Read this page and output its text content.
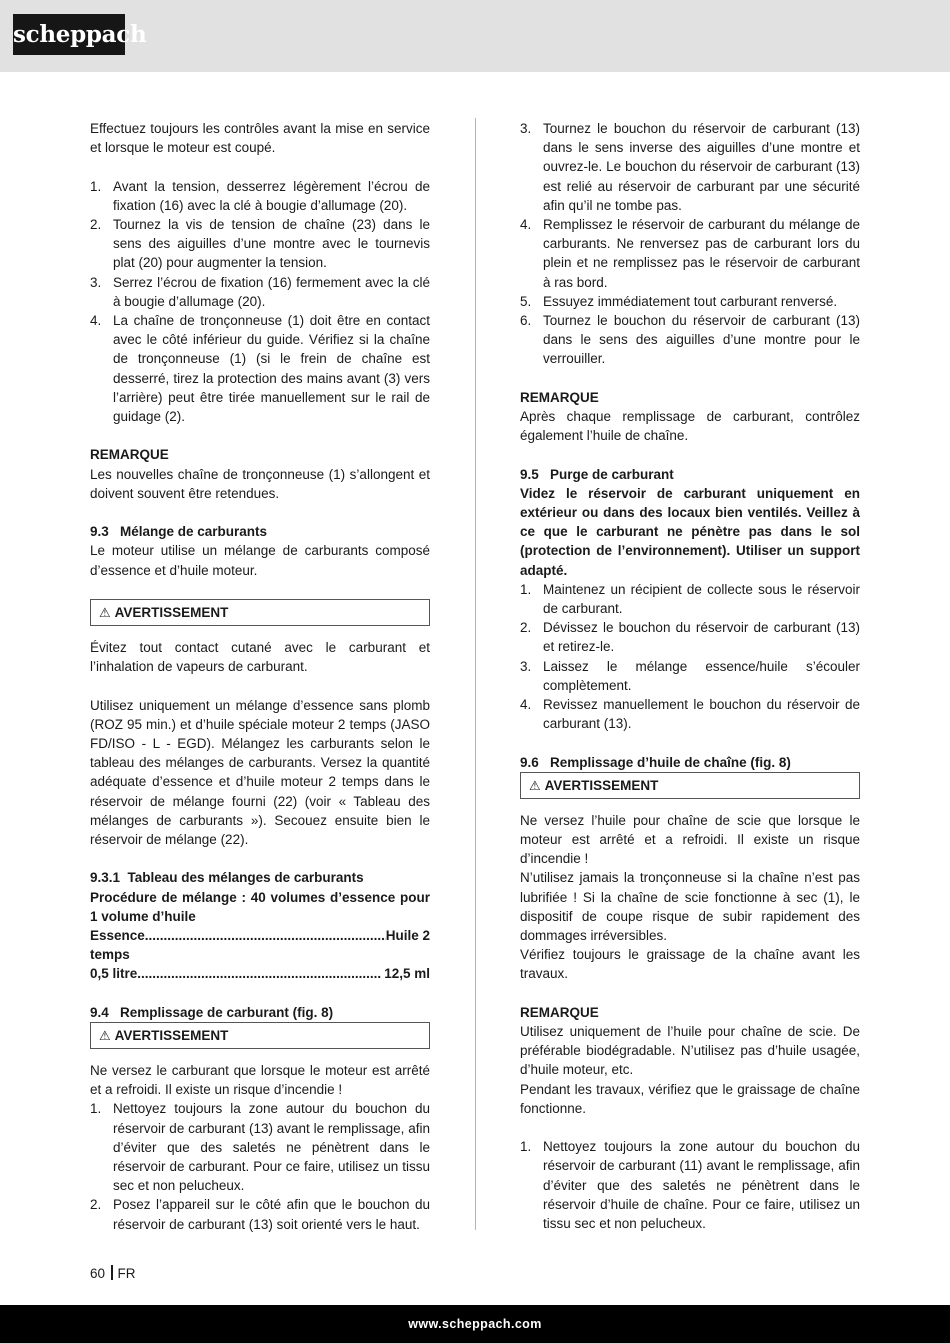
scheppach

Effectuez toujours les contrôles avant la mise en service et lorsque le moteur est coupé.

1. Avant la tension, desserrez légèrement l’écrou de fixation (16) avec la clé à bougie d’allumage (20).
2. Tournez la vis de tension de chaîne (23) dans le sens des aiguilles d’une montre avec le tournevis plat (20) pour augmenter la tension.
3. Serrez l’écrou de fixation (16) fermement avec la clé à bougie d’allumage (20).
4. La chaîne de tronçonneuse (1) doit être en contact avec le côté inférieur du guide. Vérifiez si la chaîne de tronçonneuse (1) (si le frein de chaîne est desserré, tirez la protection des mains avant (3) vers l’arrière) peut être tirée manuellement sur le rail de guidage (2).
REMARQUE

Les nouvelles chaîne de tronçonneuse (1) s’allongent et doivent souvent être retendues.

9.3   Mélange de carburants

Le moteur utilise un mélange de carburants composé d’essence et d’huile moteur.

⚠ AVERTISSEMENT

Évitez tout contact cutané avec le carburant et l’inhalation de vapeurs de carburant.

Utilisez uniquement un mélange d’essence sans plomb (ROZ 95 min.) et d’huile spéciale moteur 2 temps (JASO FD/ISO - L - EGD). Mélangez les carburants selon le tableau des mélanges de carburants. Versez la quantité adéquate d’essence et d’huile moteur 2 temps dans le réservoir de mélange fourni (22) (voir « Tableau des mélanges de carburants »). Secouez ensuite bien le réservoir de mélange (22).

9.3.1  Tableau des mélanges de carburants

Procédure de mélange : 40 volumes d’essence pour 1 volume d’huile

Essence .....	Huile 2
temps
0,5 litre .....	12,5 ml
9.4   Remplissage de carburant (fig. 8)
⚠ AVERTISSEMENT

Ne versez le carburant que lorsque le moteur est arrêté et a refroidi. Il existe un risque d’incendie !

1. Nettoyez toujours la zone autour du bouchon du réservoir de carburant (13) avant le remplissage, afin d’éviter que des saletés ne pénètrent dans le réservoir de carburant. Pour ce faire, utilisez un tissu sec et non pelucheux.
2. Posez l’appareil sur le côté afin que le bouchon du réservoir de carburant (13) soit orienté vers le haut.
3. Tournez le bouchon du réservoir de carburant (13) dans le sens inverse des aiguilles d’une montre et ouvrez-le. Le bouchon du réservoir de carburant (13) est relié au réservoir de carburant par une sécurité afin qu’il ne tombe pas.
4. Remplissez le réservoir de carburant du mélange de carburants. Ne renversez pas de carburant lors du plein et ne remplissez pas le réservoir de carburant à ras bord.
5. Essuyez immédiatement tout carburant renversé.
6. Tournez le bouchon du réservoir de carburant (13) dans le sens des aiguilles d’une montre pour le verrouiller.
REMARQUE

Après chaque remplissage de carburant, contrôlez également l’huile de chaîne.

9.5   Purge de carburant

Videz le réservoir de carburant uniquement en extérieur ou dans des locaux bien ventilés. Veillez à ce que le carburant ne pénètre pas dans le sol (protection de l’environnement). Utiliser un support adapté.

1. Maintenez un récipient de collecte sous le réservoir de carburant.
2. Dévissez le bouchon du réservoir de carburant (13) et retirez-le.
3. Laissez le mélange essence/huile s’écouler complètement.
4. Revissez manuellement le bouchon du réservoir de carburant (13).
9.6   Remplissage d’huile de chaîne (fig. 8)
⚠ AVERTISSEMENT

Ne versez l’huile pour chaîne de scie que lorsque le moteur est arrêté et a refroidi. Il existe un risque d’incendie !

N’utilisez jamais la tronçonneuse si la chaîne n’est pas lubrifiée ! Si la chaîne de scie fonctionne à sec (1), le dispositif de coupe risque de subir rapidement des dommages irréversibles.

Vérifiez toujours le graissage de la chaîne avant les travaux.

REMARQUE

Utilisez uniquement de l’huile pour chaîne de scie. De préférable biodégradable. N’utilisez pas d’huile usagée, d’huile moteur, etc.

Pendant les travaux, vérifiez que le graissage de chaîne fonctionne.

1. Nettoyez toujours la zone autour du bouchon du réservoir de carburant (11) avant le remplissage, afin d’éviter que des saletés ne pénètrent dans le réservoir d’huile de chaîne. Pour ce faire, utilisez un tissu sec et non pelucheux.
60 FR
www.scheppach.com
